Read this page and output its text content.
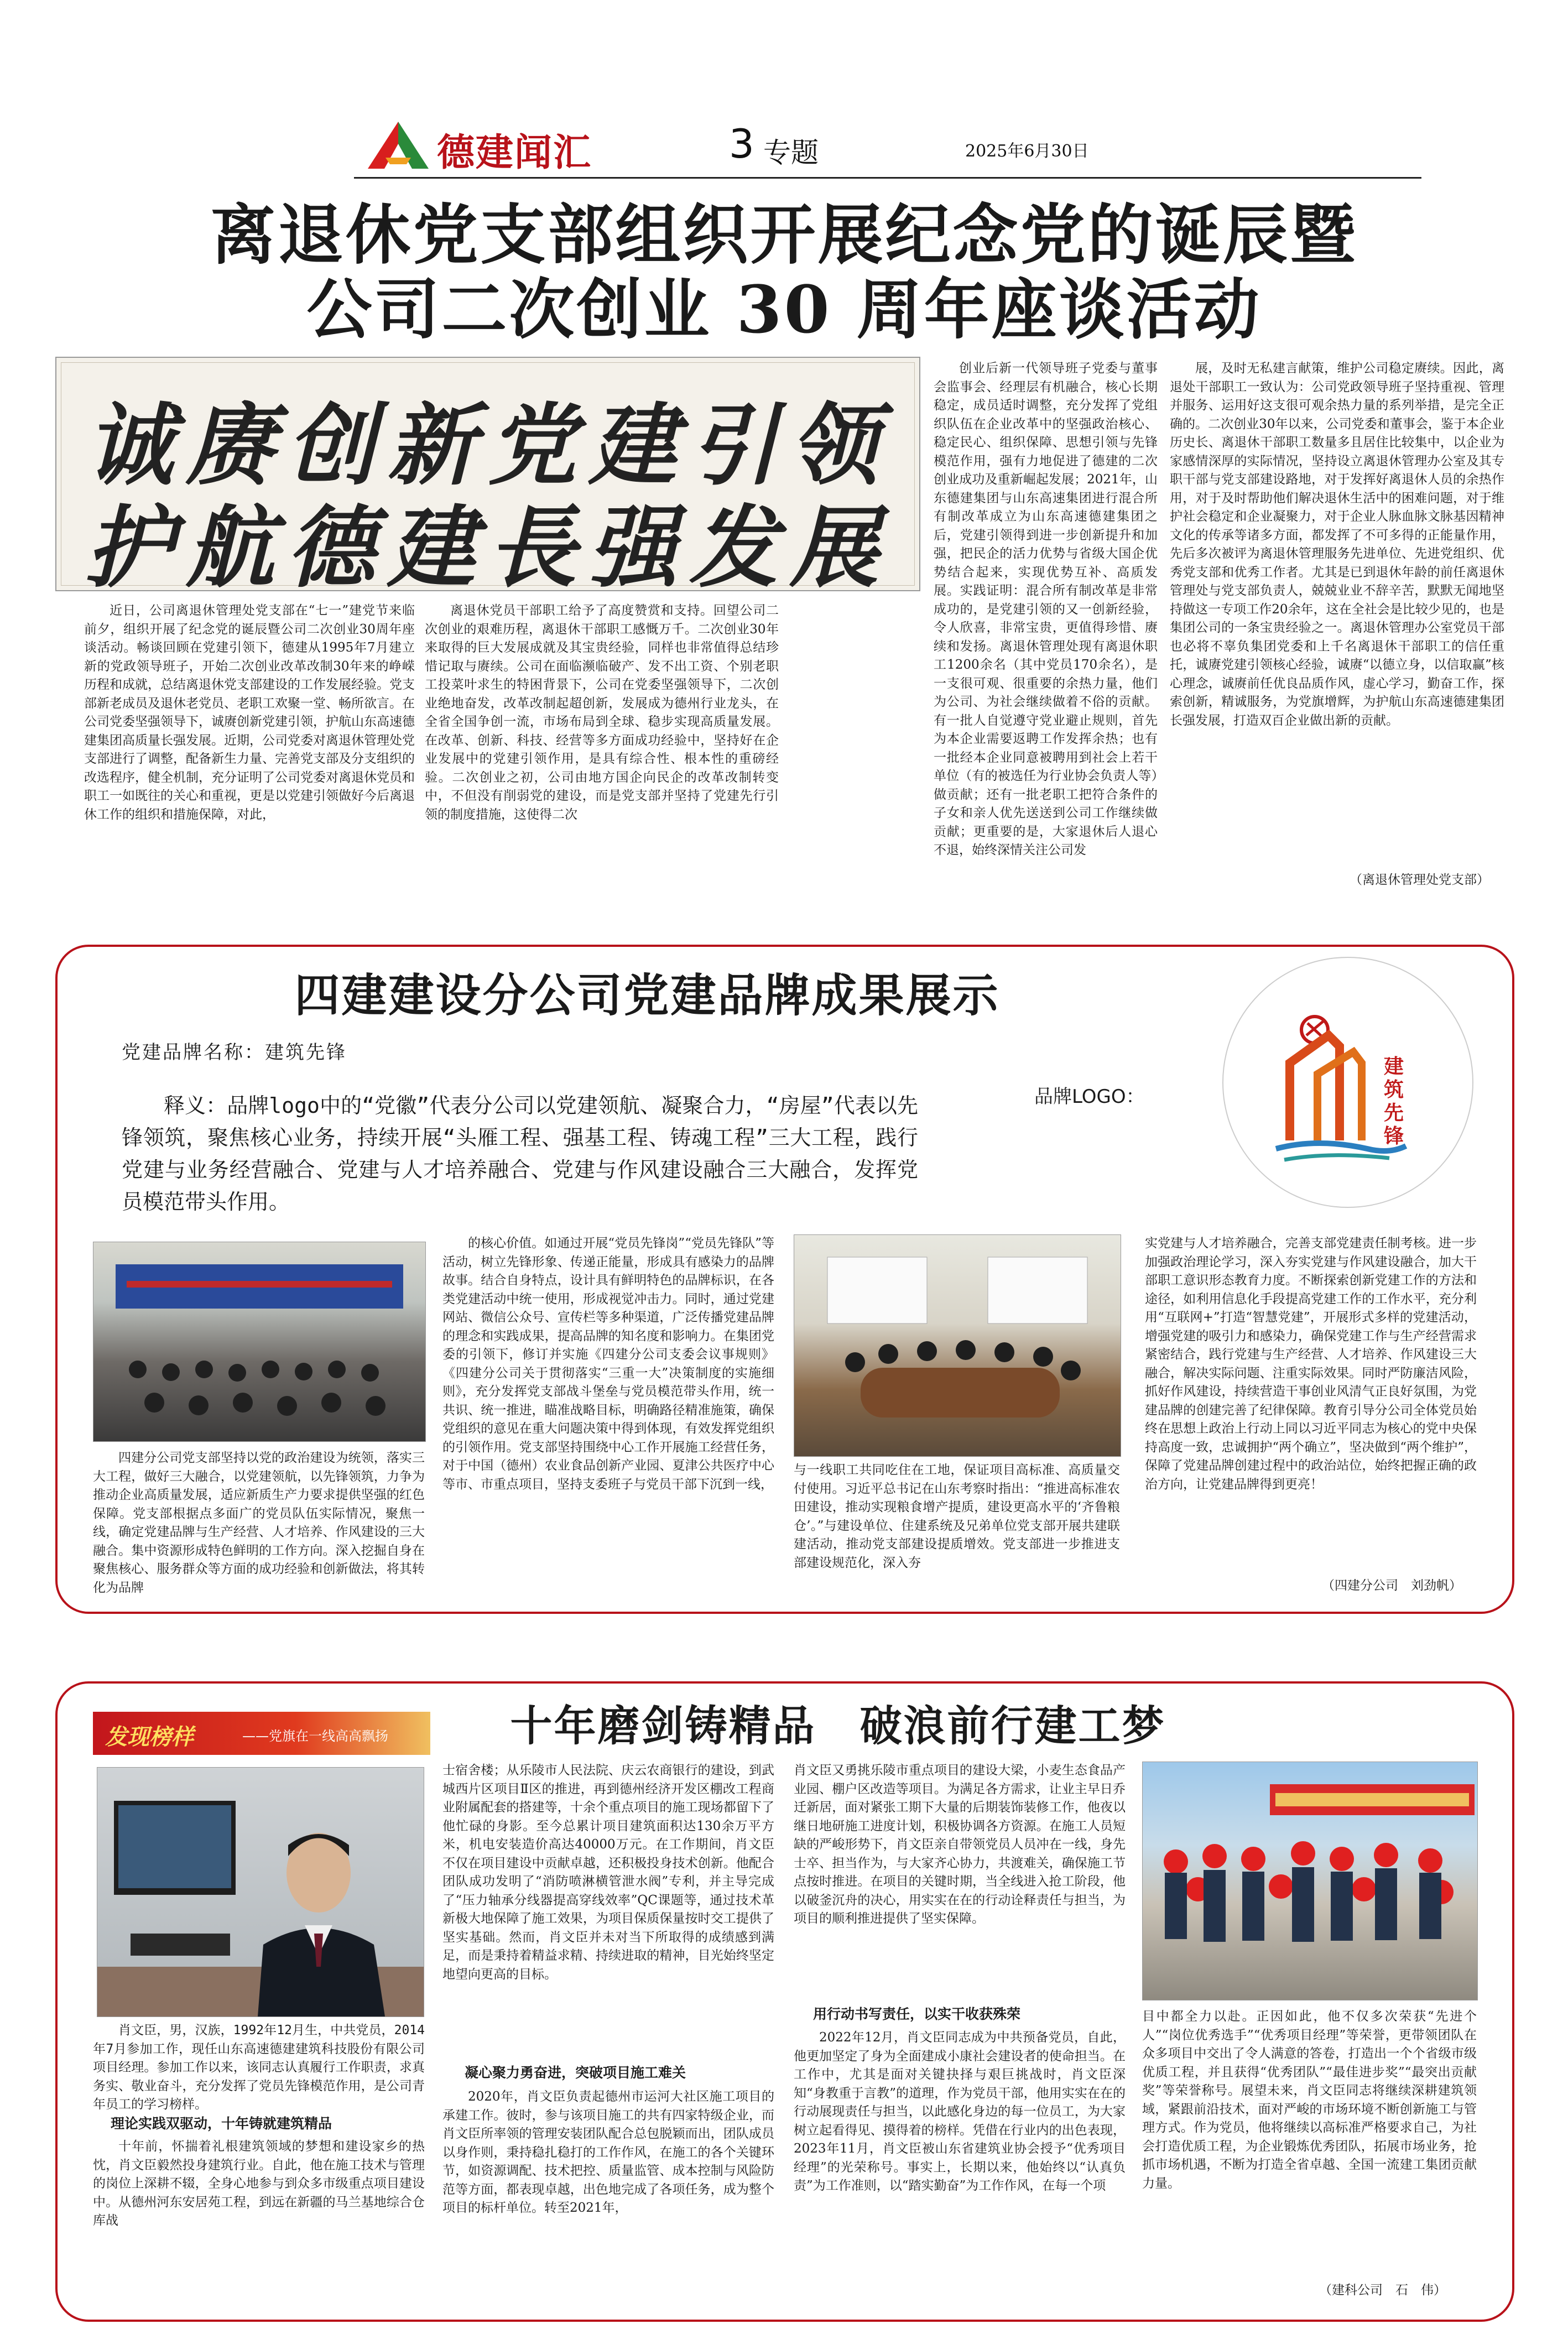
德建闻汇	3 专题	2025年6月30日
离退休党支部组织开展纪念党的诞辰暨
公司二次创业 30 周年座谈活动
诚赓创新党建引领
护航德建長强发展
近日，公司离退休管理处党支部在“七一”建党节来临前夕，组织开展了纪念党的诞辰暨公司二次创业30周年座谈活动。畅谈回顾在党建引领下，德建从1995年7月建立新的党政领导班子，开始二次创业改革改制30年来的峥嵘历程和成就，总结离退休党支部建设的工作发展经验。党支部新老成员及退休老党员、老职工欢聚一堂、畅所欲言。在公司党委坚强领导下，诚赓创新党建引领，护航山东高速德建集团高质量长强发展。近期，公司党委对离退休管理处党支部进行了调整，配备新生力量、完善党支部及分支组织的改选程序，健全机制，充分证明了公司党委对离退休党员和职工一如既往的关心和重视，更是以党建引领做好今后离退休工作的组织和措施保障，对此，
离退休党员干部职工给予了高度赞赏和支持。回望公司二次创业的艰难历程，离退休干部职工感慨万千。二次创业30年来取得的巨大发展成就及其宝贵经验，同样也非常值得总结珍惜记取与赓续。公司在面临濒临破产、发不出工资、个别老职工投菜叶求生的特困背景下，公司在党委坚强领导下，二次创业绝地奋发，改革改制起超创新，发展成为德州行业龙头，在全省全国争创一流，市场布局到全球、稳步实现高质量发展。在改革、创新、科技、经营等多方面成功经验中，坚持好在企业发展中的党建引领作用，是具有综合性、根本性的重磅经验。二次创业之初，公司由地方国企向民企的改革改制转变中，不但没有削弱党的建设，而是党支部并坚持了党建先行引领的制度措施，这使得二次
创业后新一代领导班子党委与董事会监事会、经理层有机融合，核心长期稳定，成员适时调整，充分发挥了党组织队伍在企业改革中的坚强政治核心、稳定民心、组织保障、思想引领与先锋模范作用，强有力地促进了德建的二次创业成功及重新崛起发展；2021年，山东德建集团与山东高速集团进行混合所有制改革成立为山东高速德建集团之后，党建引领得到进一步创新提升和加强，把民企的活力优势与省级大国企优势结合起来，实现优势互补、高质发展。实践证明：混合所有制改革是非常成功的，是党建引领的又一创新经验，令人欣喜，非常宝贵，更值得珍惜、赓续和发扬。离退休管理处现有离退休职工1200余名（其中党员170余名），是一支很可观、很重要的余热力量，他们为公司、为社会继续做着不俗的贡献。有一批人自觉遵守党业避止规则，首先为本企业需要返聘工作发挥余热；也有一批经本企业同意被聘用到社会上若干单位（有的被选任为行业协会负责人等）做贡献；还有一批老职工把符合条件的子女和亲人优先送送到公司工作继续做贡献；更重要的是，大家退休后人退心不退，始终深情关注公司发
展，及时无私建言献策，维护公司稳定赓续。因此，离退处干部职工一致认为：公司党政领导班子坚持重视、管理并服务、运用好这支很可观余热力量的系列举措，是完全正确的。二次创业30年以来，公司党委和董事会，鉴于本企业历史长、离退休干部职工数量多且居住比较集中，以企业为家感情深厚的实际情况，坚持设立离退休管理办公室及其专职干部与党支部建设路地，对于发挥好离退休人员的余热作用，对于及时帮助他们解决退休生活中的困难问题，对于维护社会稳定和企业凝聚力，对于企业人脉血脉文脉基因精神文化的传承等诸多方面，都发挥了不可多得的正能量作用，先后多次被评为离退休管理服务先进单位、先进党组织、优秀党支部和优秀工作者。尤其是已到退休年龄的前任离退休管理处与党支部负责人，兢兢业业不辞辛苦，默默无闻地坚持做这一专项工作20余年，这在全社会是比较少见的，也是集团公司的一条宝贵经验之一。离退休管理办公室党员干部也必将不辜负集团党委和上千名离退休干部职工的信任重托，诚赓党建引领核心经验，诚赓“以德立身，以信取赢”核心理念，诚赓前任优良品质作风，虚心学习，勤奋工作，探索创新，精诚服务，为党旗增辉，为护航山东高速德建集团长强发展，打造双百企业做出新的贡献。
（离退休管理处党支部）
四建建设分公司党建品牌成果展示
党建品牌名称：建筑先锋
释义：品牌logo中的“党徽”代表分公司以党建领航、凝聚合力，“房屋”代表以先锋领筑，聚焦核心业务，持续开展“头雁工程、强基工程、铸魂工程”三大工程，践行党建与业务经营融合、党建与人才培养融合、党建与作风建设融合三大融合，发挥党员模范带头作用。
品牌LOGO：
建筑先锋
四建分公司党支部坚持以党的政治建设为统领，落实三大工程，做好三大融合，以党建领航，以先锋领筑，力争为推动企业高质量发展，适应新质生产力要求提供坚强的红色保障。党支部根据点多面广的党员队伍实际情况，聚焦一线，确定党建品牌与生产经营、人才培养、作风建设的三大融合。集中资源形成特色鲜明的工作方向。深入挖掘自身在聚焦核心、服务群众等方面的成功经验和创新做法，将其转化为品牌
的核心价值。如通过开展“党员先锋岗”“党员先锋队”等活动，树立先锋形象、传递正能量，形成具有感染力的品牌故事。结合自身特点，设计具有鲜明特色的品牌标识，在各类党建活动中统一使用，形成视觉冲击力。同时，通过党建网站、微信公众号、宣传栏等多种渠道，广泛传播党建品牌的理念和实践成果，提高品牌的知名度和影响力。在集团党委的引领下，修订并实施《四建分公司支委会议事规则》《四建分公司关于贯彻落实“三重一大”决策制度的实施细则》，充分发挥党支部战斗堡垒与党员模范带头作用，统一共识、统一推进，瞄准战略目标，明确路径精准施策，确保党组织的意见在重大问题决策中得到体现，有效发挥党组织的引领作用。党支部坚持围绕中心工作开展施工经营任务，对于中国（德州）农业食品创新产业园、夏津公共医疗中心等市、市重点项目，坚持支委班子与党员干部下沉到一线，
与一线职工共同吃住在工地，保证项目高标准、高质量交付使用。习近平总书记在山东考察时指出：“推进高标准农田建设，推动实现粮食增产提质，建设更高水平的‘齐鲁粮仓’。”与建设单位、住建系统及兄弟单位党支部开展共建联建活动，推动党支部建设提质增效。党支部进一步推进支部建设规范化，深入夯
实党建与人才培养融合，完善支部党建责任制考核。进一步加强政治理论学习，深入夯实党建与作风建设融合，加大干部职工意识形态教育力度。不断探索创新党建工作的方法和途径，如利用信息化手段提高党建工作的工作水平，充分利用“互联网+”打造“智慧党建”，开展形式多样的党建活动，增强党建的吸引力和感染力，确保党建工作与生产经营需求紧密结合，践行党建与生产经营、人才培养、作风建设三大融合，解决实际问题、注重实际效果。同时严防廉洁风险，抓好作风建设，持续营造干事创业风清气正良好氛围，为党建品牌的创建完善了纪律保障。教育引导分公司全体党员始终在思想上政治上行动上同以习近平同志为核心的党中央保持高度一致，忠诚拥护“两个确立”，坚决做到“两个维护”，保障了党建品牌创建过程中的政治站位，始终把握正确的政治方向，让党建品牌得到更亮！
（四建分公司　刘劲帆）
发现榜样	——党旗在一线高高飘扬	十年磨剑铸精品　破浪前行建工梦
肖文臣，男，汉族，1992年12月生，中共党员，2014年7月参加工作，现任山东高速德建建筑科技股份有限公司项目经理。参加工作以来，该同志认真履行工作职责，求真务实、敬业奋斗，充分发挥了党员先锋模范作用，是公司青年员工的学习榜样。
理论实践双驱动，十年铸就建筑精品
十年前，怀揣着礼根建筑领域的梦想和建设家乡的热忱，肖文臣毅然投身建筑行业。自此，他在施工技术与管理的岗位上深耕不辍，全身心地参与到众多市级重点项目建设中。从德州河东安居苑工程，到远在新疆的马兰基地综合仓库战
士宿舍楼；从乐陵市人民法院、庆云农商银行的建设，到武城西片区项目Ⅱ区的推进，再到德州经济开发区棚改工程商业附属配套的搭建等，十余个重点项目的施工现场都留下了他忙碌的身影。至今总累计项目建筑面积达130余万平方米，机电安装造价高达40000万元。在工作期间，肖文臣不仅在项目建设中贡献卓越，还积极投身技术创新。他配合团队成功发明了“消防喷淋横管泄水阀”专利，并主导完成了“压力轴承分线器提高穿线效率”QC课题等，通过技术革新极大地保障了施工效果，为项目保质保量按时交工提供了坚实基础。然而，肖文臣并未对当下所取得的成绩感到满足，而是秉持着精益求精、持续进取的精神，目光始终坚定地望向更高的目标。
凝心聚力勇奋进，突破项目施工难关
2020年，肖文臣负责起德州市运河大社区施工项目的承建工作。彼时，参与该项目施工的共有四家特级企业，而肖文臣所率领的管理安装团队配合总包脱颖而出，团队成员以身作则，秉持稳扎稳打的工作作风，在施工的各个关键环节，如资源调配、技术把控、质量监管、成本控制与风险防范等方面，都表现卓越，出色地完成了各项任务，成为整个项目的标杆单位。转至2021年，
肖文臣又勇挑乐陵市重点项目的建设大梁，小麦生态食品产业园、棚户区改造等项目。为满足各方需求，让业主早日乔迁新居，面对紧张工期下大量的后期装饰装修工作，他夜以继日地研施工进度计划，积极协调各方资源。在施工人员短缺的严峻形势下，肖文臣亲自带领党员人员冲在一线，身先士卒、担当作为，与大家齐心协力，共渡难关，确保施工节点按时推进。在项目的关键时期，当全线进入抢工阶段，他以破釜沉舟的决心，用实实在在的行动诠释责任与担当，为项目的顺利推进提供了坚实保障。
用行动书写责任，以实干收获殊荣
2022年12月，肖文臣同志成为中共预备党员，自此，他更加坚定了身为全面建成小康社会建设者的使命担当。在工作中，尤其是面对关键抉择与艰巨挑战时，肖文臣深知“身教重于言教”的道理，作为党员干部，他用实实在在的行动展现责任与担当，以此感化身边的每一位员工，为大家树立起看得见、摸得着的榜样。凭借在行业内的出色表现，2023年11月，肖文臣被山东省建筑业协会授予“优秀项目经理”的光荣称号。事实上，长期以来，他始终以“认真负责”为工作准则，以“踏实勤奋”为工作作风，在每一个项
目中都全力以赴。正因如此，他不仅多次荣获“先进个人”“岗位优秀选手”“优秀项目经理”等荣誉，更带领团队在众多项目中交出了令人满意的答卷，打造出一个个省级市级优质工程，并且获得“优秀团队”“最佳进步奖”“最突出贡献奖”等荣誉称号。展望未来，肖文臣同志将继续深耕建筑领域，紧跟前沿技术，面对严峻的市场环境不断创新施工与管理方式。作为党员，他将继续以高标准严格要求自己，为社会打造优质工程，为企业锻炼优秀团队，拓展市场业务，抢抓市场机遇，不断为打造全省卓越、全国一流建工集团贡献力量。
（建科公司　石　伟）
